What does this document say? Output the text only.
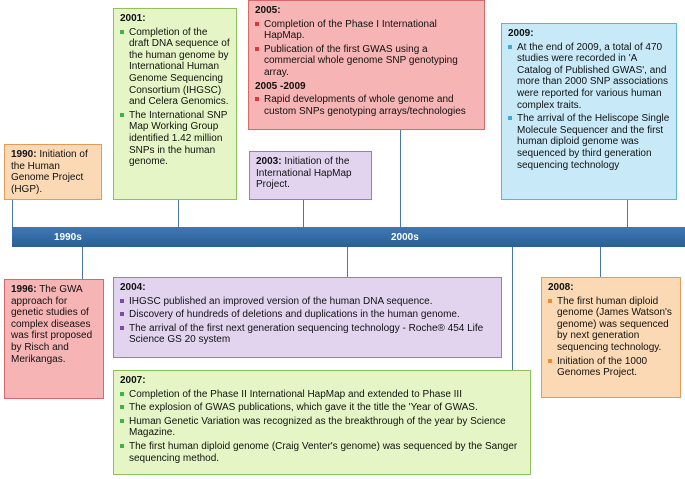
1990s	2000s

1990: Initiation of the Human Genome Project (HGP).

2001:
Completion of the draft DNA sequence of the human genome by International Human Genome Sequencing Consortium (IHGSC) and Celera Genomics.
The International SNP Map Working Group identified 1.42 million SNPs in the human genome.
2005:
Completion of the Phase I International HapMap.
Publication of the first GWAS using a commercial whole genome SNP genotyping array.
2005 -2009
Rapid developments of whole genome and custom SNPs genotyping arrays/technologies

2003: Initiation of the International HapMap Project.

2009:
At the end of 2009, a total of 470 studies were recorded in 'A Catalog of Published GWAS', and more than 2000 SNP associations were reported for various human complex traits.
The arrival of the Heliscope Single Molecule Sequencer and the first human diploid genome was sequenced by third generation sequencing technology

1996: The GWA approach for genetic studies of complex diseases was first proposed by Risch and Merikangas.

2004:
IHGSC published an improved version of the human DNA sequence.
Discovery of hundreds of deletions and duplications in the human genome.
The arrival of the first next generation sequencing technology - Roche® 454 Life Science GS 20 system
2008:
The first human diploid genome (James Watson's genome) was sequenced by next generation sequencing technology.
Initiation of the 1000 Genomes Project.
2007:
Completion of the Phase II International HapMap and extended to Phase III
The explosion of GWAS publications, which gave it the title the 'Year of GWAS.
Human Genetic Variation was recognized as the breakthrough of the year by Science Magazine.
The first human diploid genome (Craig Venter's genome) was sequenced by the Sanger sequencing method.
